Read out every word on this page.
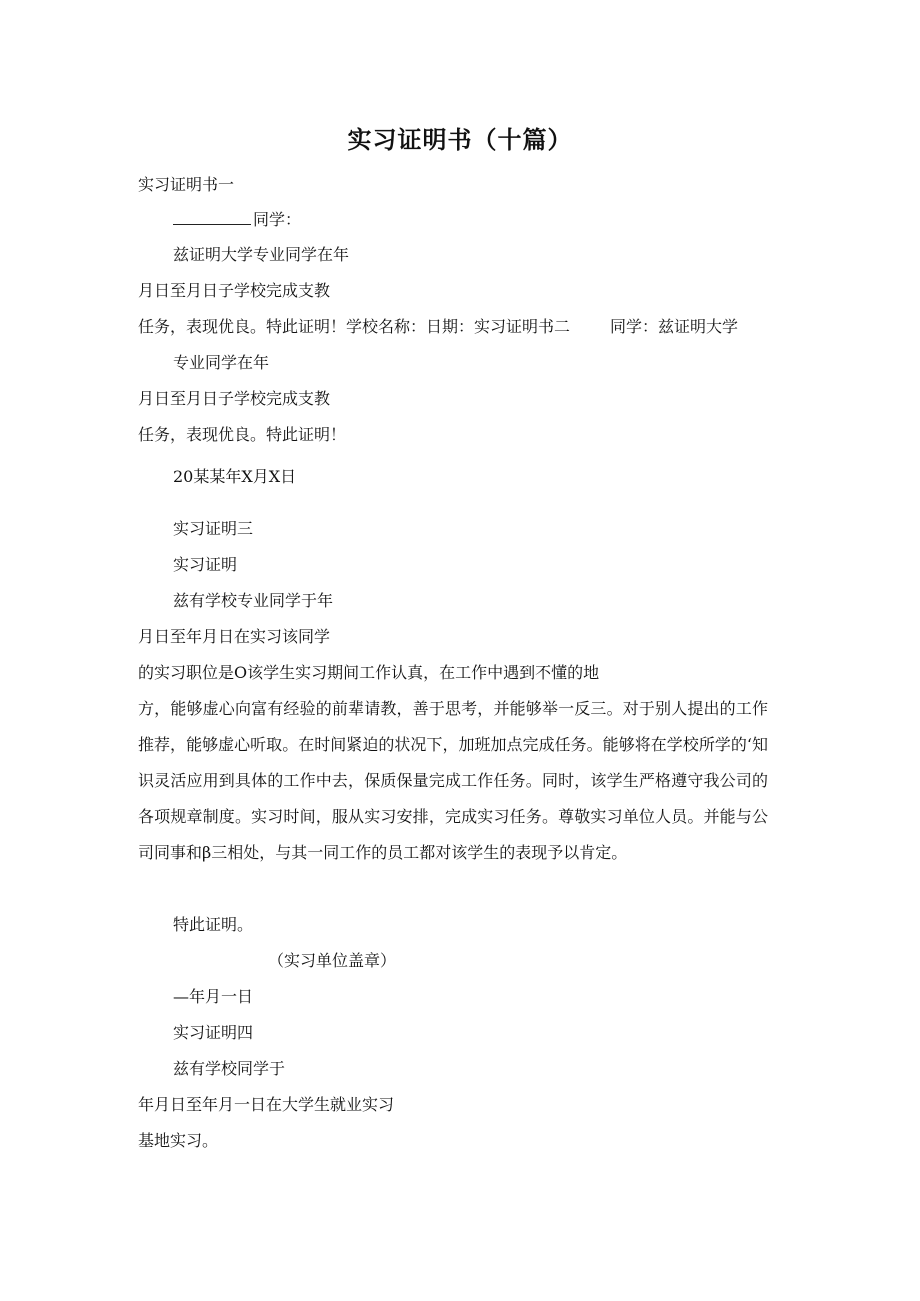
实习证明书（十篇）
实习证明书一
同学：
兹证明大学专业同学在年
月日至月日子学校完成支教
任务，表现优良。特此证明！学校名称：日期：实习证明书二	同学：兹证明大学
专业同学在年
月日至月日子学校完成支教
任务，表现优良。特此证明！
20某某年X月X日
实习证明三
实习证明
兹有学校专业同学于年
月日至年月日在实习该同学
的实习职位是O该学生实习期间工作认真，在工作中遇到不懂的地
方，能够虚心向富有经验的前辈请教，善于思考，并能够举一反三。对于别人提出的工作推荐，能够虚心听取。在时间紧迫的状况下，加班加点完成任务。能够将在学校所学的‘知识灵活应用到具体的工作中去，保质保量完成工作任务。同时，该学生严格遵守我公司的各项规章制度。实习时间，服从实习安排，完成实习任务。尊敬实习单位人员。并能与公司同事和β三相处，与其一同工作的员工都对该学生的表现予以肯定。
特此证明。
（实习单位盖章）
—年月一日
实习证明四
兹有学校同学于
年月日至年月一日在大学生就业实习
基地实习。
